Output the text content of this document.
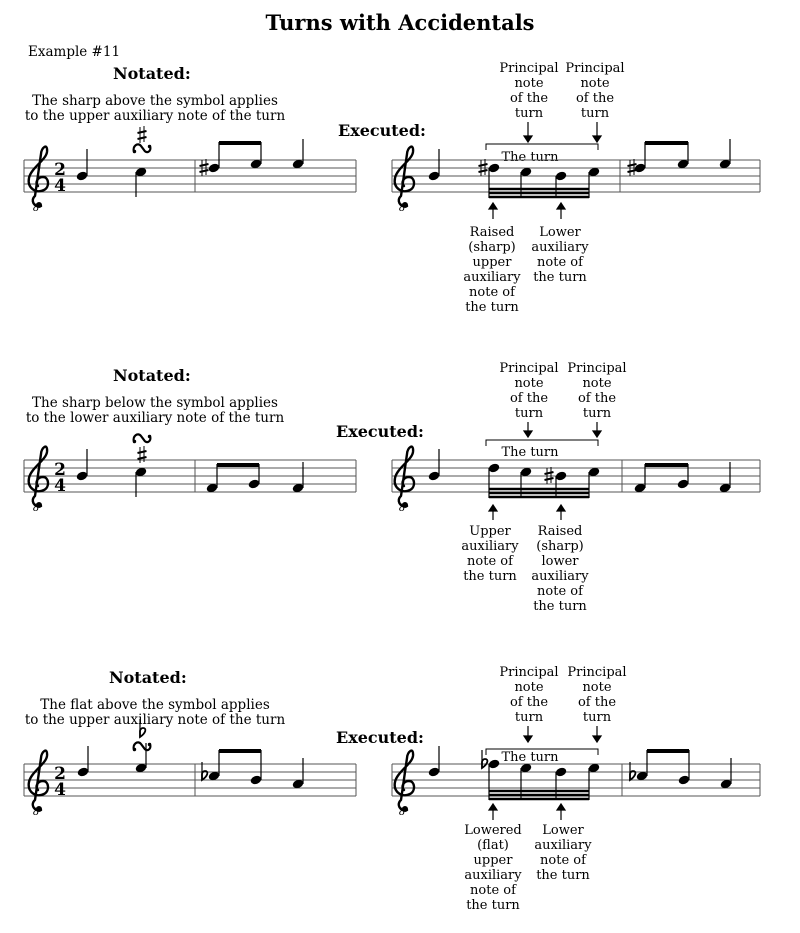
Turns with Accidentals
Example #11
Notated:
The sharp above the symbol applies
to the upper auxiliary note of the turn
Executed:
The turn
Principal
note
of the
turn
Principal
note
of the
turn
Raised
(sharp)
upper
auxiliary
note of
the turn
Lower
auxiliary
note of
the turn
Notated:
The sharp below the symbol applies
to the lower auxiliary note of the turn
Executed:
The turn
Principal
note
of the
turn
Principal
note
of the
turn
Upper
auxiliary
note of
the turn
Raised
(sharp)
lower
auxiliary
note of
the turn
Notated:
The flat above the symbol applies
to the upper auxiliary note of the turn
Executed:
The turn
Principal
note
of the
turn
Principal
note
of the
turn
Lowered
(flat)
upper
auxiliary
note of
the turn
Lower
auxiliary
note of
the turn
8
2
4
8
8
2
4
8
8
2
4
8
